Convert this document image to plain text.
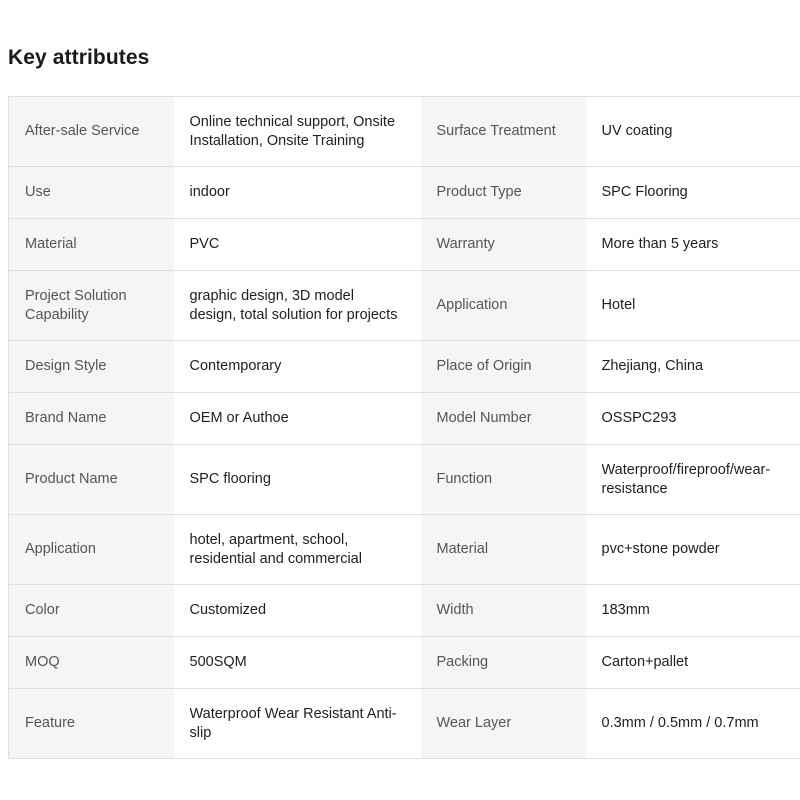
Key attributes
After-sale Service	Online technical support, Onsite Installation, Onsite Training	Surface Treatment	UV coating

Use	indoor	Product Type	SPC Flooring

Material	PVC	Warranty	More than 5 years

Project Solution Capability	graphic design, 3D model design, total solution for projects	Application	Hotel

Design Style	Contemporary	Place of Origin	Zhejiang, China

Brand Name	OEM or Authoe	Model Number	OSSPC293

Product Name	SPC flooring	Function	Waterproof/fireproof/wear-resistance

Application	hotel, apartment, school, residential and commercial	Material	pvc+stone powder

Color	Customized	Width	183mm

MOQ	500SQM	Packing	Carton+pallet

Feature	Waterproof Wear Resistant Anti-slip	Wear Layer	0.3mm / 0.5mm / 0.7mm
